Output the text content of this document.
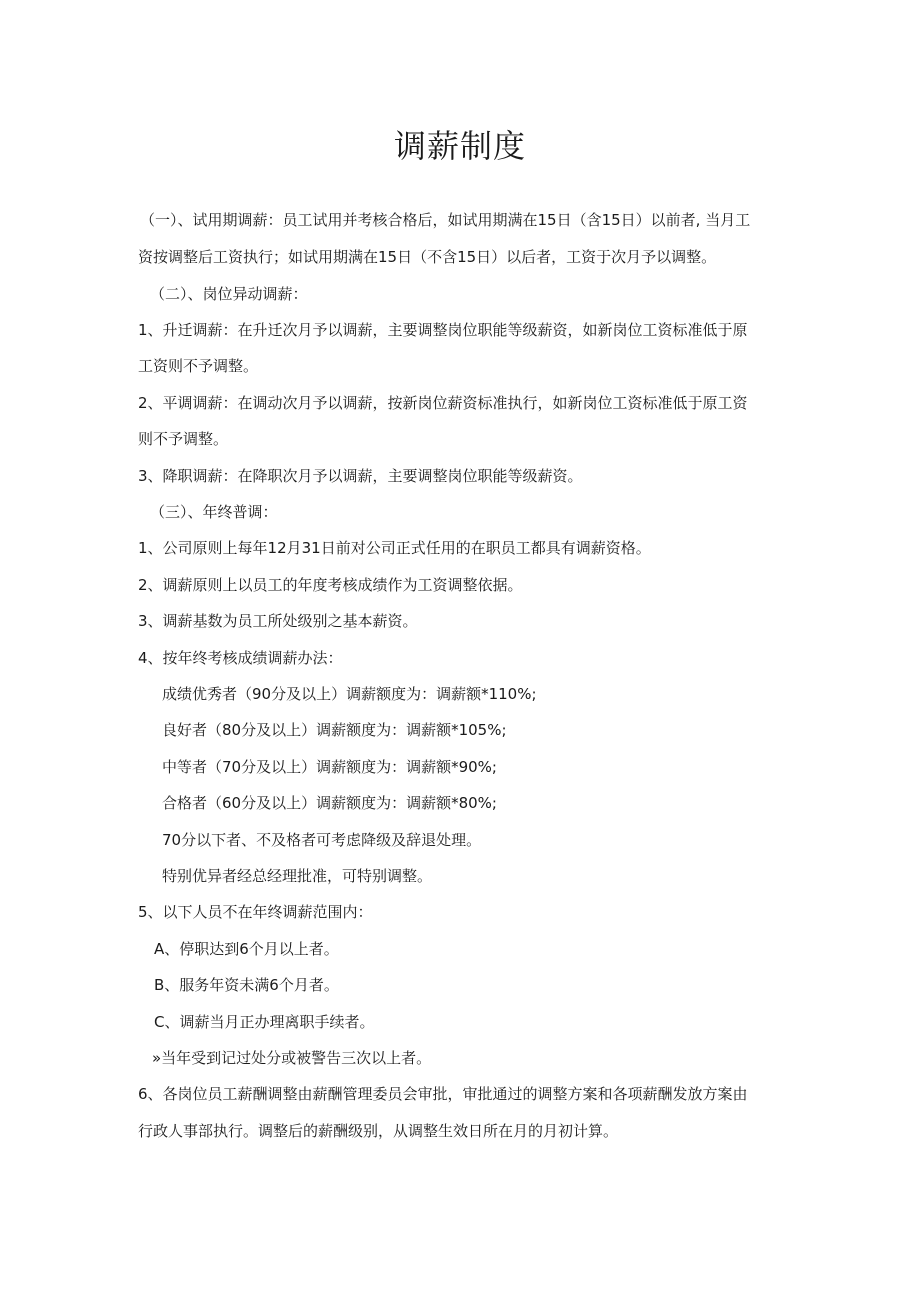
调薪制度
（一）、试用期调薪：员工试用并考核合格后，如试用期满在15日（含15日）以前者, 当月工
资按调整后工资执行；如试用期满在15日（不含15日）以后者，工资于次月予以调整。
（二）、岗位异动调薪：
1、升迁调薪：在升迁次月予以调薪，主要调整岗位职能等级薪资，如新岗位工资标准低于原
工资则不予调整。
2、平调调薪：在调动次月予以调薪，按新岗位薪资标准执行，如新岗位工资标准低于原工资
则不予调整。
3、降职调薪：在降职次月予以调薪，主要调整岗位职能等级薪资。
（三）、年终普调：
1、公司原则上每年12月31日前对公司正式任用的在职员工都具有调薪资格。
2、调薪原则上以员工的年度考核成绩作为工资调整依据。
3、调薪基数为员工所处级别之基本薪资。
4、按年终考核成绩调薪办法：
成绩优秀者（90分及以上）调薪额度为：调薪额*110%;
良好者（80分及以上）调薪额度为：调薪额*105%;
中等者（70分及以上）调薪额度为：调薪额*90%;
合格者（60分及以上）调薪额度为：调薪额*80%;
70分以下者、不及格者可考虑降级及辞退处理。
特别优异者经总经理批准，可特别调整。
5、以下人员不在年终调薪范围内：
A、停职达到6个月以上者。
B、服务年资未满6个月者。
C、调薪当月正办理离职手续者。
»当年受到记过处分或被警告三次以上者。
6、各岗位员工薪酬调整由薪酬管理委员会审批，审批通过的调整方案和各项薪酬发放方案由
行政人事部执行。调整后的薪酬级别，从调整生效日所在月的月初计算。
